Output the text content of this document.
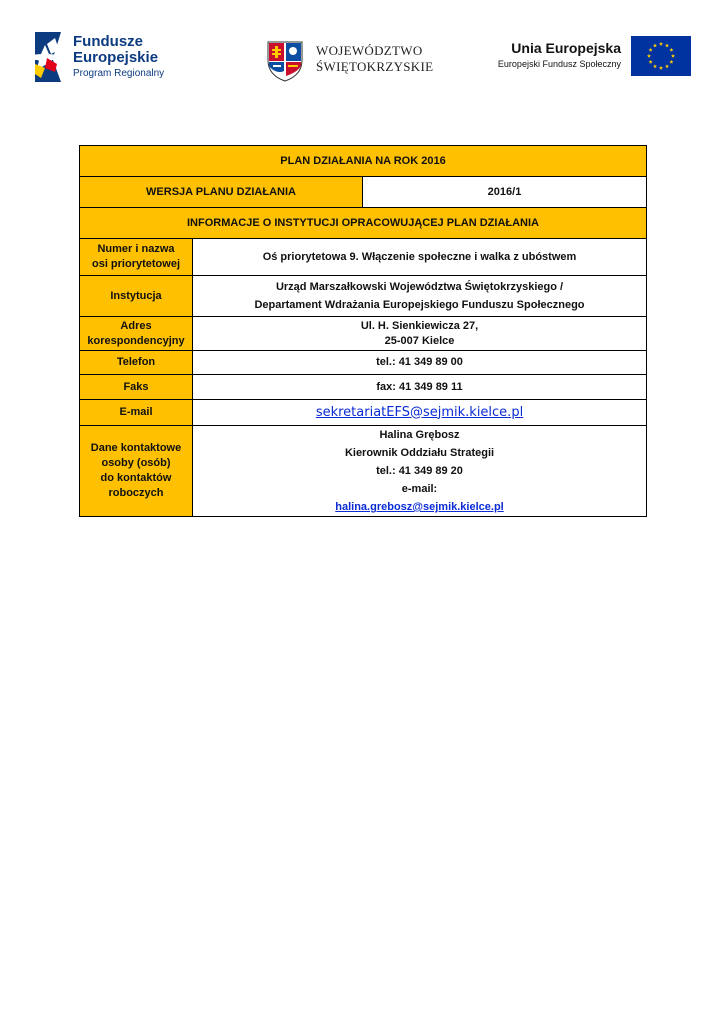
Fundusze
Europejskie
Program Regionalny
WOJEWÓDZTWO
ŚWIĘTOKRZYSKIE
Unia Europejska
Europejski Fundusz Społeczny
PLAN DZIAŁANIA NA ROK 2016		
WERSJA PLANU DZIAŁANIA		2016/1
INFORMACJE O INSTYTUCJI OPRACOWUJĄCEJ PLAN DZIAŁANIA		

Numer i nazwa
osi priorytetowej	Oś priorytetowa 9. Włączenie społeczne i walka z ubóstwem	
Instytucja	Urząd Marszałkowski Województwa Świętokrzyskiego /
Departament Wdrażania Europejskiego Funduszu Społecznego	

Adres
korespondencyjny	Ul. H. Sienkiewicza 27,
25-007 Kielce	

Telefon	tel.: 41 349 89 00	
Faks	fax: 41 349 89 11	
E-mail	sekretariatEFS@sejmik.kielce.pl	

Dane kontaktowe
osoby (osób)
do kontaktów
roboczych	Halina Grębosz
Kierownik Oddziału Strategii
tel.: 41 349 89 20
e-mail:
halina.grebosz@sejmik.kielce.pl	
